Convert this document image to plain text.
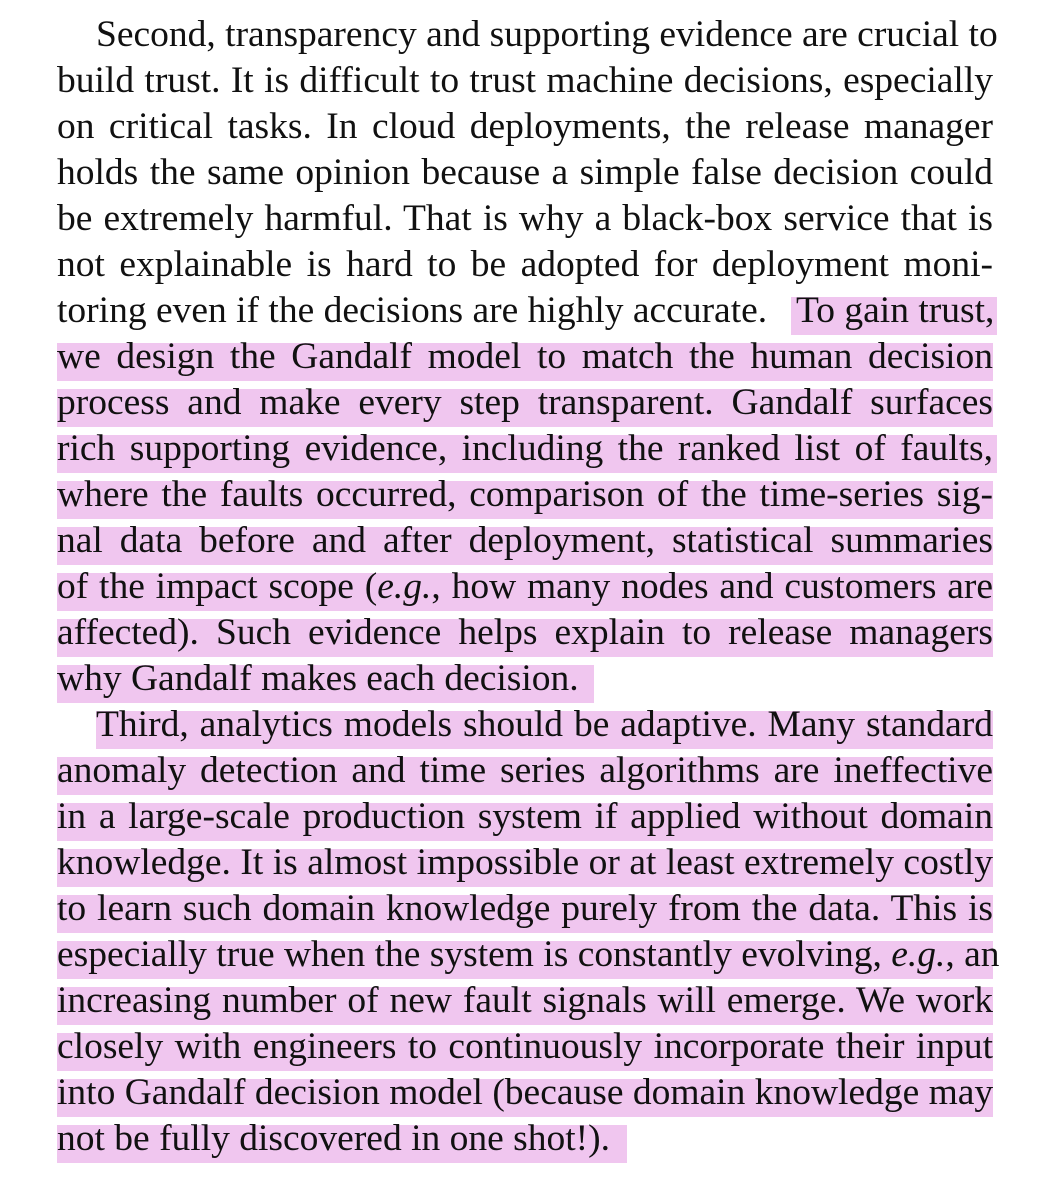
Second, transparency and supporting evidence are crucial to
build trust. It is difficult to trust machine decisions, especially
on critical tasks. In cloud deployments, the release manager
holds the same opinion because a simple false decision could
be extremely harmful. That is why a black-box service that is
not explainable is hard to be adopted for deployment moni-
toring even if the decisions are highly accurate. To gain trust,
we design the Gandalf model to match the human decision
process and make every step transparent. Gandalf surfaces
rich supporting evidence, including the ranked list of faults,
where the faults occurred, comparison of the time-series sig-
nal data before and after deployment, statistical summaries
of the impact scope (e.g., how many nodes and customers are
affected). Such evidence helps explain to release managers
why Gandalf makes each decision.
Third, analytics models should be adaptive. Many standard
anomaly detection and time series algorithms are ineffective
in a large-scale production system if applied without domain
knowledge. It is almost impossible or at least extremely costly
to learn such domain knowledge purely from the data. This is
especially true when the system is constantly evolving, e.g., an
increasing number of new fault signals will emerge. We work
closely with engineers to continuously incorporate their input
into Gandalf decision model (because domain knowledge may
not be fully discovered in one shot!).
